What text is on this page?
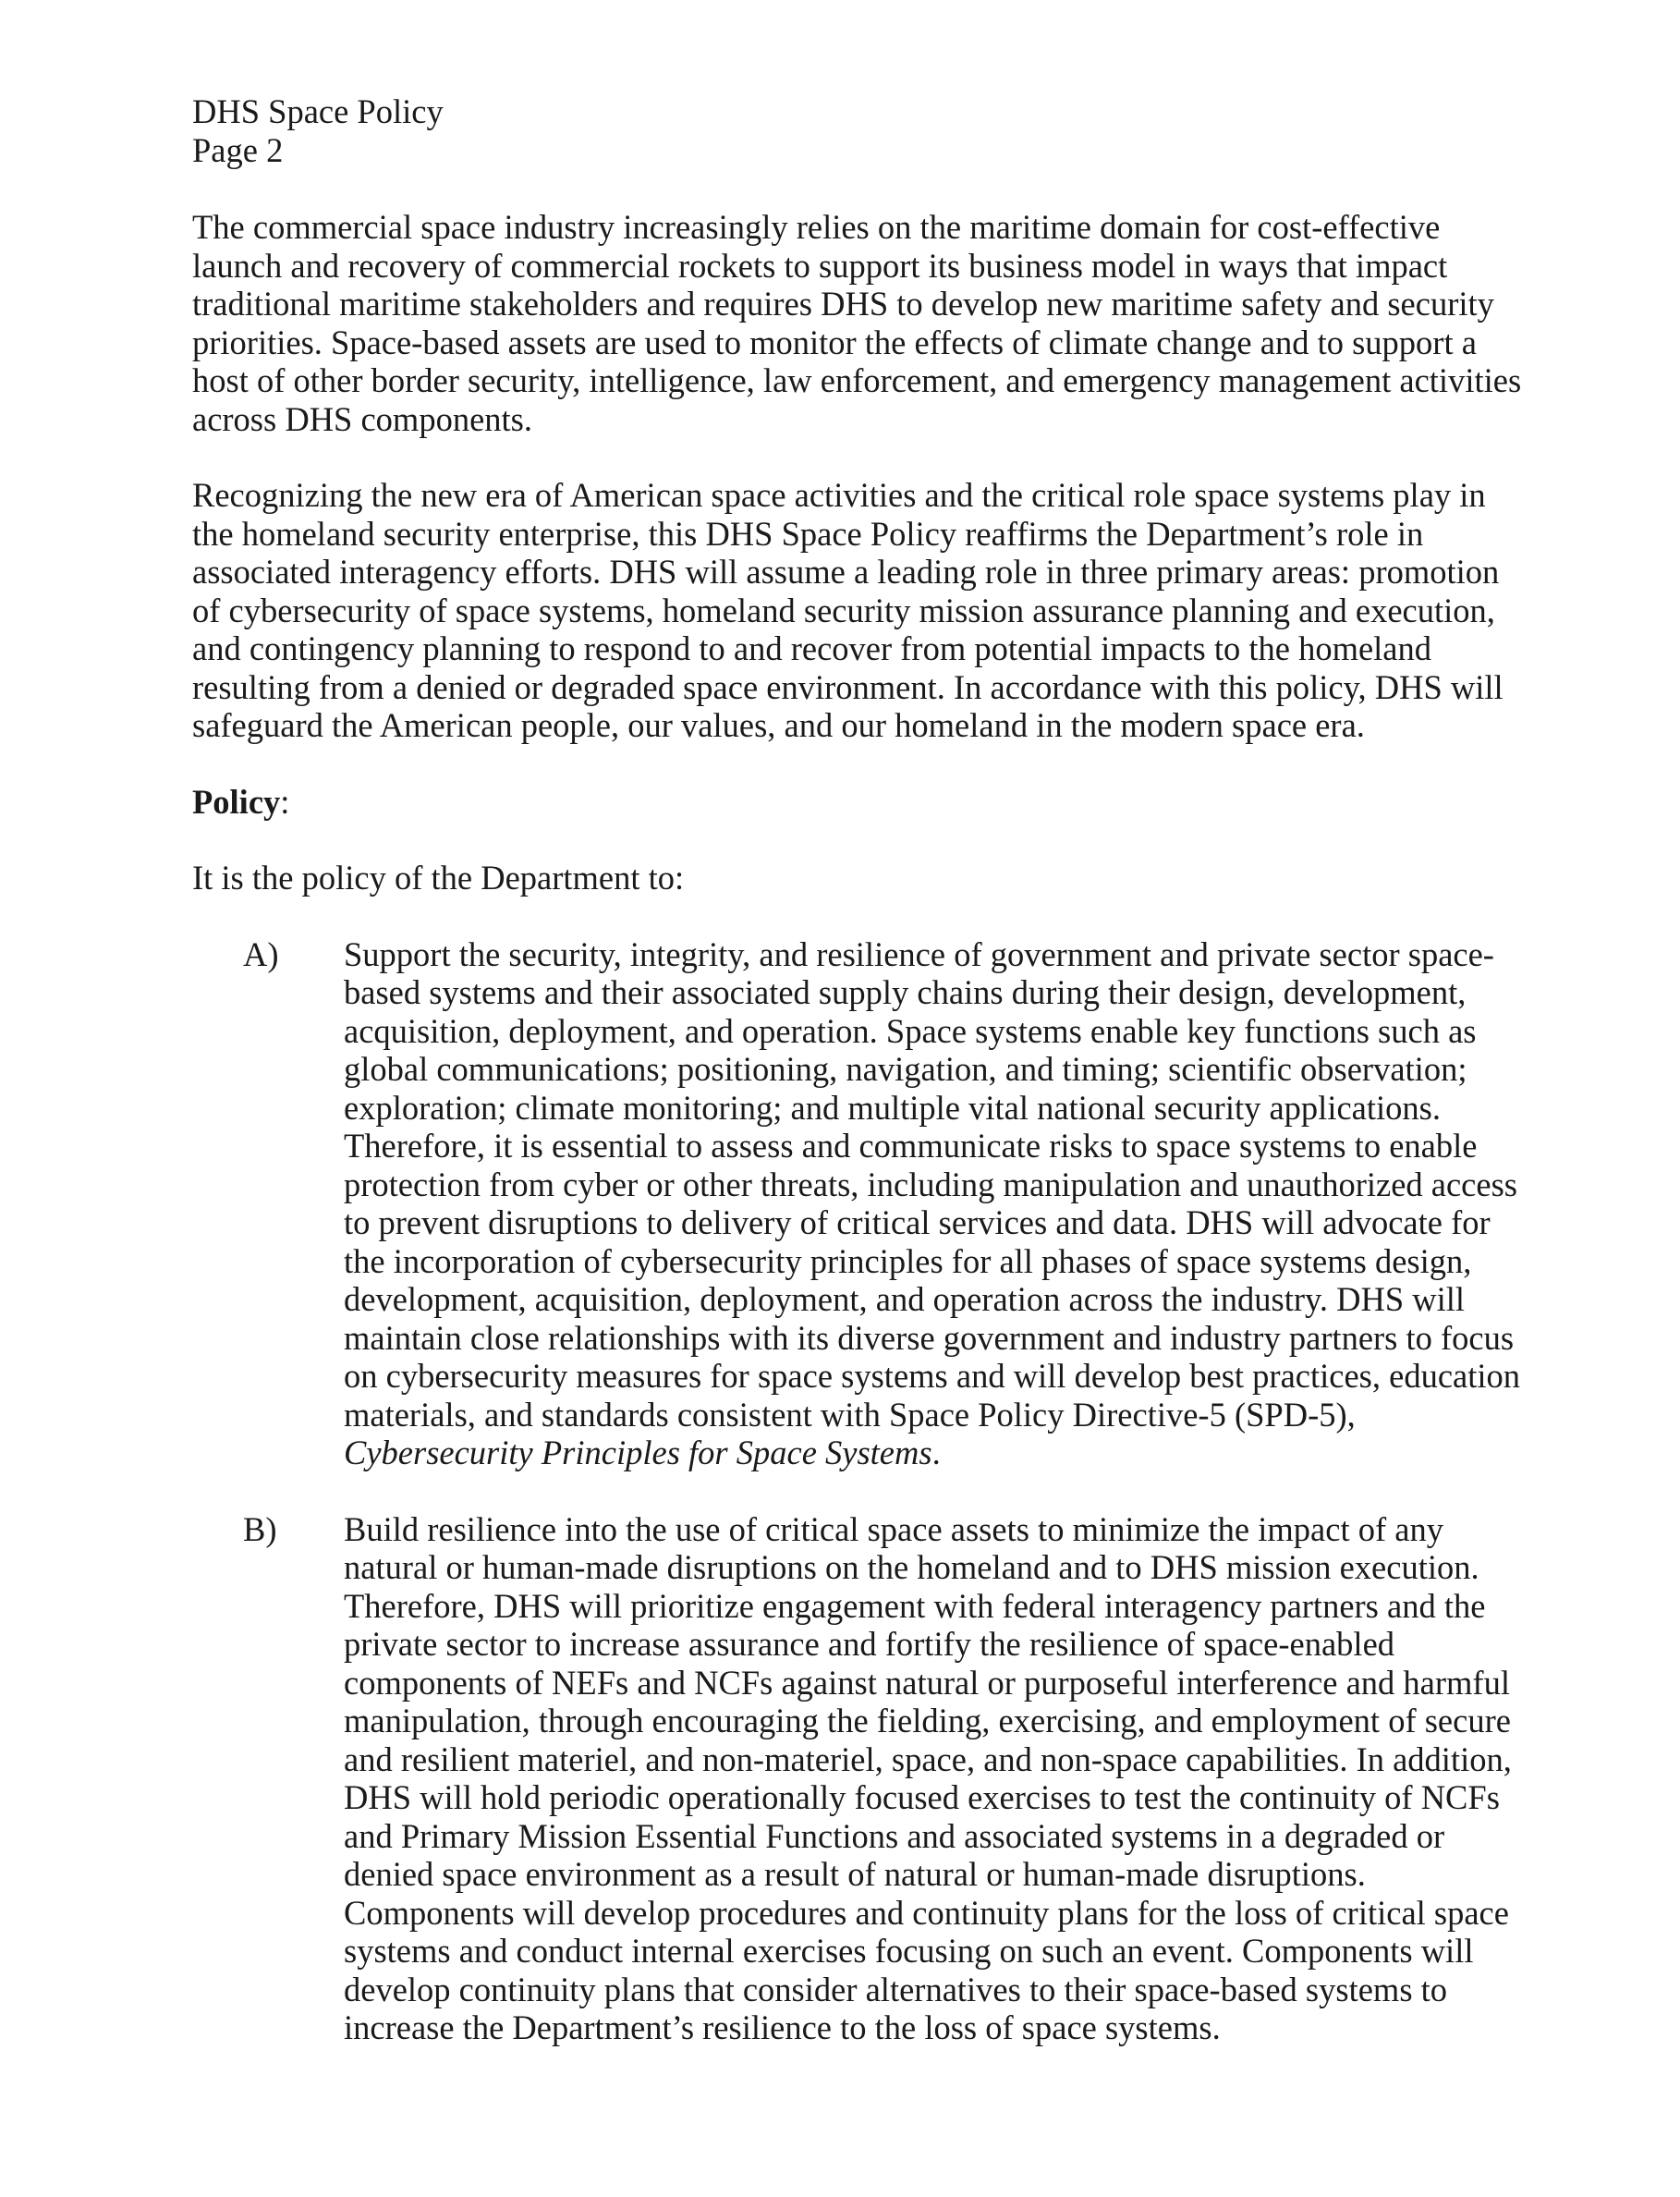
DHS Space Policy

Page 2

The commercial space industry increasingly relies on the maritime domain for cost-effective launch and recovery of commercial rockets to support its business model in ways that impact traditional maritime stakeholders and requires DHS to develop new maritime safety and security priorities. Space-based assets are used to monitor the effects of climate change and to support a host of other border security, intelligence, law enforcement, and emergency management activities across DHS components.

Recognizing the new era of American space activities and the critical role space systems play in the homeland security enterprise, this DHS Space Policy reaffirms the Department’s role in associated interagency efforts. DHS will assume a leading role in three primary areas: promotion of cybersecurity of space systems, homeland security mission assurance planning and execution, and contingency planning to respond to and recover from potential impacts to the homeland resulting from a denied or degraded space environment. In accordance with this policy, DHS will safeguard the American people, our values, and our homeland in the modern space era.

Policy:

It is the policy of the Department to:

A)	Support the security, integrity, and resilience of government and private sector space-based systems and their associated supply chains during their design, development, acquisition, deployment, and operation. Space systems enable key functions such as global communications; positioning, navigation, and timing; scientific observation; exploration; climate monitoring; and multiple vital national security applications. Therefore, it is essential to assess and communicate risks to space systems to enable protection from cyber or other threats, including manipulation and unauthorized access to prevent disruptions to delivery of critical services and data. DHS will advocate for the incorporation of cybersecurity principles for all phases of space systems design, development, acquisition, deployment, and operation across the industry. DHS will maintain close relationships with its diverse government and industry partners to focus on cybersecurity measures for space systems and will develop best practices, education materials, and standards consistent with Space Policy Directive-5 (SPD-5), Cybersecurity Principles for Space Systems.
B)	Build resilience into the use of critical space assets to minimize the impact of any natural or human-made disruptions on the homeland and to DHS mission execution. Therefore, DHS will prioritize engagement with federal interagency partners and the private sector to increase assurance and fortify the resilience of space-enabled components of NEFs and NCFs against natural or purposeful interference and harmful manipulation, through encouraging the fielding, exercising, and employment of secure and resilient materiel, and non-materiel, space, and non-space capabilities. In addition, DHS will hold periodic operationally focused exercises to test the continuity of NCFs and Primary Mission Essential Functions and associated systems in a degraded or denied space environment as a result of natural or human-made disruptions. Components will develop procedures and continuity plans for the loss of critical space systems and conduct internal exercises focusing on such an event. Components will develop continuity plans that consider alternatives to their space-based systems to increase the Department’s resilience to the loss of space systems.
